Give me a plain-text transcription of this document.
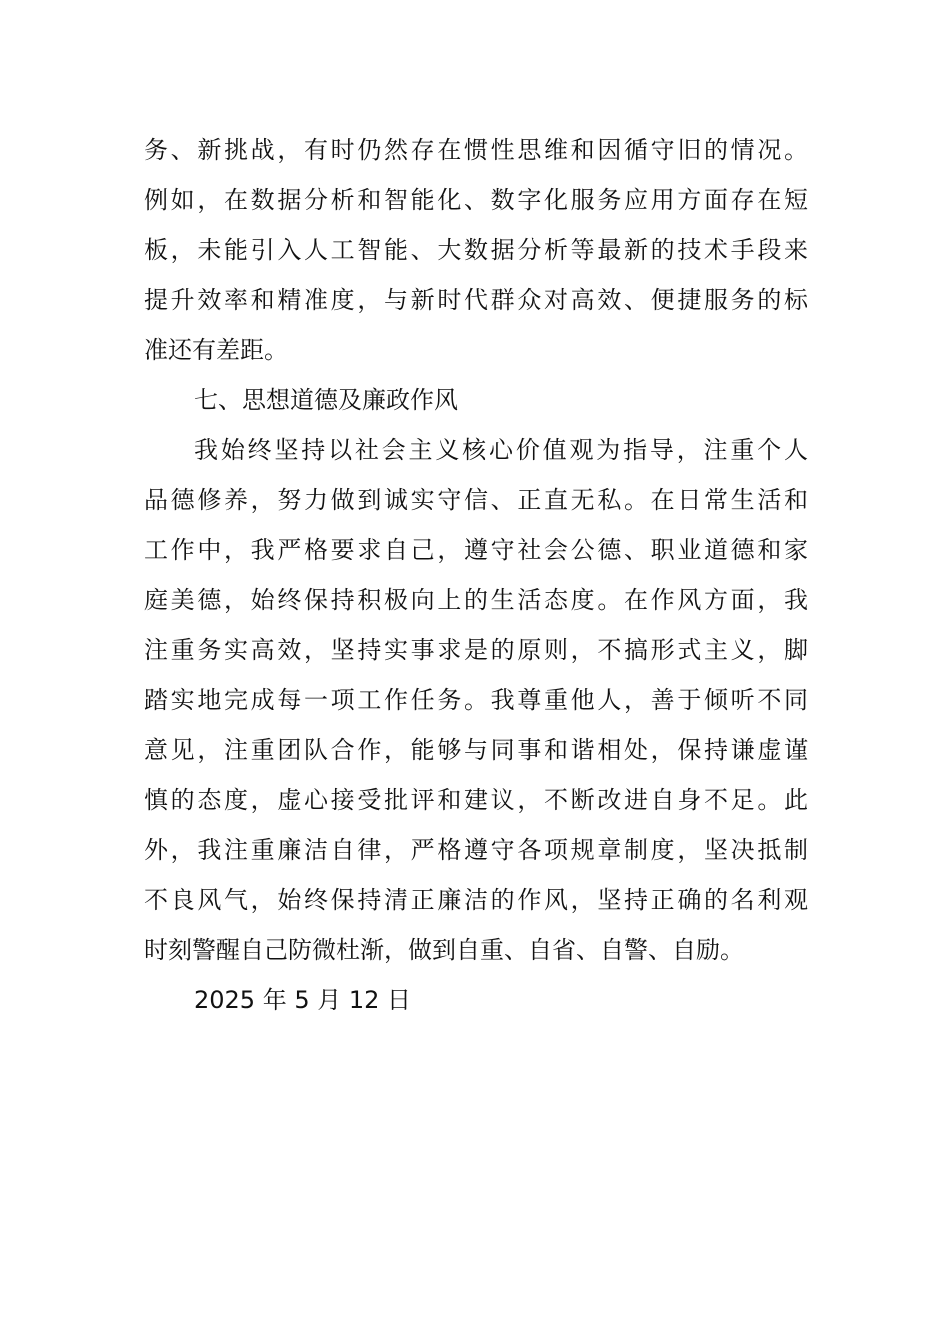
务、新挑战，有时仍然存在惯性思维和因循守旧的情况。
例如，在数据分析和智能化、数字化服务应用方面存在短
板，未能引入人工智能、大数据分析等最新的技术手段来
提升效率和精准度，与新时代群众对高效、便捷服务的标
准还有差距。
七、思想道德及廉政作风
我始终坚持以社会主义核心价值观为指导，注重个人
品德修养，努力做到诚实守信、正直无私。在日常生活和
工作中，我严格要求自己，遵守社会公德、职业道德和家
庭美德，始终保持积极向上的生活态度。在作风方面，我
注重务实高效，坚持实事求是的原则，不搞形式主义，脚
踏实地完成每一项工作任务。我尊重他人，善于倾听不同
意见，注重团队合作，能够与同事和谐相处，保持谦虚谨
慎的态度，虚心接受批评和建议，不断改进自身不足。此
外，我注重廉洁自律，严格遵守各项规章制度，坚决抵制
不良风气，始终保持清正廉洁的作风，坚持正确的名利观
时刻警醒自己防微杜渐，做到自重、自省、自警、自励。
2025 年 5 月 12 日
